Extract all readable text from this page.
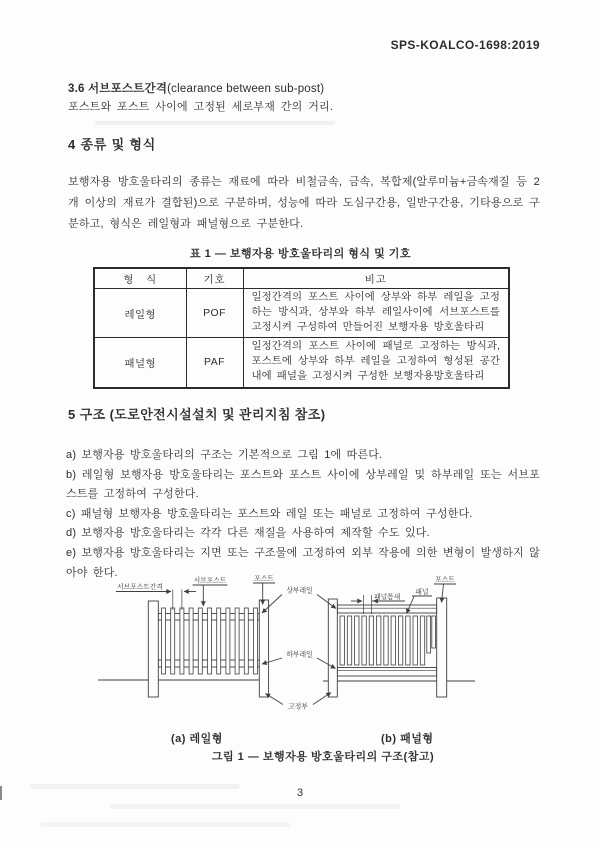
SPS-KOALCO-1698:2019

3.6 서브포스트간격(clearance between sub-post)

포스트와 포스트 사이에 고정된 세로부재 간의 거리.

4 종류 및 형식

보행자용 방호울타리의 종류는 재료에 따라 비철금속, 금속, 복합제(알루미늄+금속재질 등 2개 이상의 재료가 결합된)으로 구분하며, 성능에 따라 도심구간용, 일반구간용, 기타용으로 구분하고, 형식은 레일형과 패널형으로 구분한다.

표 1 — 보행자용 방호울타리의 형식 및 기호
형   식	기호	비고
레일형	POF	일정간격의 포스트 사이에 상부와 하부 레일을 고정하는 방식과, 상부와 하부 레일사이에 서브포스트를 고정시켜 구성하여 만들어진 보행자용 방호울타리
패널형	PAF	일정간격의 포스트 사이에 패널로 고정하는 방식과, 포스트에 상부와 하부 레일을 고정하여 형성된 공간 내에 패널을 고정시켜 구성한 보행자용방호울타리

5 구조 (도로안전시설설치 및 관리지침 참조)

a) 보행자용 방호울타리의 구조는 기본적으로 그림 1에 따른다.

b) 레일형 보행자용 방호울타리는 포스트와 포스트 사이에 상부레일 및 하부레일 또는 서브포스트를 고정하여 구성한다.

c) 패널형 보행자용 방호울타리는 포스트와 레일 또는 패널로 고정하여 구성한다.

d) 보행자용 방호울타리는 각각 다른 재질을 사용하여 제작할 수도 있다.

e) 보행자용 방호울타리는 지면 또는 구조물에 고정하여 외부 작용에 의한 변형이 발생하지 않아야 한다.

서브포스트간격
서브포스트	포스트
상부레일
하부레일
고정부
패널틈새
패널
포스트
(a) 레일형	(b) 패널형
그림 1 — 보행자용 방호울타리의 구조(참고)
3
